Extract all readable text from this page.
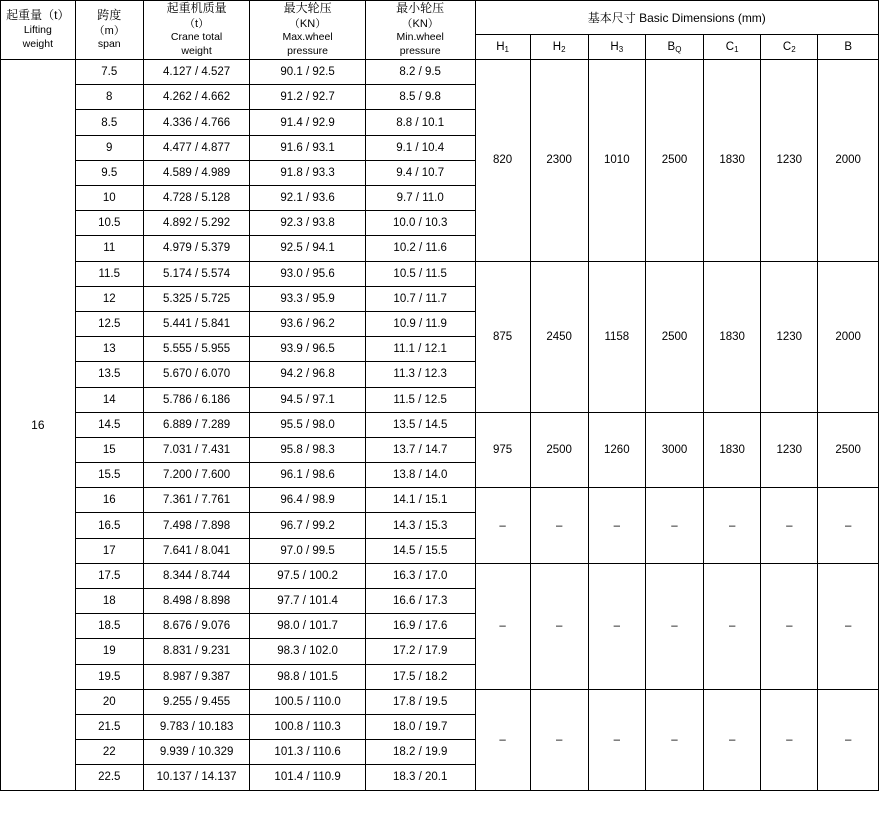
起重量（t）
Lifting
weight

跨度
（m）
span

起重机质量
（t）
Crane total
weight

最大轮压
（KN）
Max.wheel
pressure

最小轮压
（KN）
Min.wheel
pressure
	基本尺寸 Basic Dimensions (mm)
					$H_1$	$H_2$	$H_3$	$B_Q$	$C_1$	$C_2$	B
16	7.5	4.127 / 4.527	90.1 / 92.5	8.2 / 9.5	820	2300	1010	2500	1830	1230	2000
	8	4.262 / 4.662	91.2 / 92.7	8.5 / 9.8							
	8.5	4.336 / 4.766	91.4 / 92.9	8.8 / 10.1							
	9	4.477 / 4.877	91.6 / 93.1	9.1 / 10.4							
	9.5	4.589 / 4.989	91.8 / 93.3	9.4 / 10.7							
	10	4.728 / 5.128	92.1 / 93.6	9.7 / 11.0							
	10.5	4.892 / 5.292	92.3 / 93.8	10.0 / 10.3							
	11	4.979 / 5.379	92.5 / 94.1	10.2 / 11.6							
	11.5	5.174 / 5.574	93.0 / 95.6	10.5 / 11.5	875	2450	1158	2500	1830	1230	2000
	12	5.325 / 5.725	93.3 / 95.9	10.7 / 11.7							
	12.5	5.441 / 5.841	93.6 / 96.2	10.9 / 11.9							
	13	5.555 / 5.955	93.9 / 96.5	11.1 / 12.1							
	13.5	5.670 / 6.070	94.2 / 96.8	11.3 / 12.3							
	14	5.786 / 6.186	94.5 / 97.1	11.5 / 12.5							
	14.5	6.889 / 7.289	95.5 / 98.0	13.5 / 14.5	975	2500	1260	3000	1830	1230	2500
	15	7.031 / 7.431	95.8 / 98.3	13.7 / 14.7							
	15.5	7.200 / 7.600	96.1 / 98.6	13.8 / 14.0							
	16	7.361 / 7.761	96.4 / 98.9	14.1 / 15.1	–	–	–	–	–	–	–
	16.5	7.498 / 7.898	96.7 / 99.2	14.3 / 15.3							
	17	7.641 / 8.041	97.0 / 99.5	14.5 / 15.5							
	17.5	8.344 / 8.744	97.5 / 100.2	16.3 / 17.0	–	–	–	–	–	–	–
	18	8.498 / 8.898	97.7 / 101.4	16.6 / 17.3							
	18.5	8.676 / 9.076	98.0 / 101.7	16.9 / 17.6							
	19	8.831 / 9.231	98.3 / 102.0	17.2 / 17.9							
	19.5	8.987 / 9.387	98.8 / 101.5	17.5 / 18.2							
	20	9.255 / 9.455	100.5 / 110.0	17.8 / 19.5	–	–	–	–	–	–	–
	21.5	9.783 / 10.183	100.8 / 110.3	18.0 / 19.7							
	22	9.939 / 10.329	101.3 / 110.6	18.2 / 19.9							
	22.5	10.137 / 14.137	101.4 / 110.9	18.3 / 20.1							
